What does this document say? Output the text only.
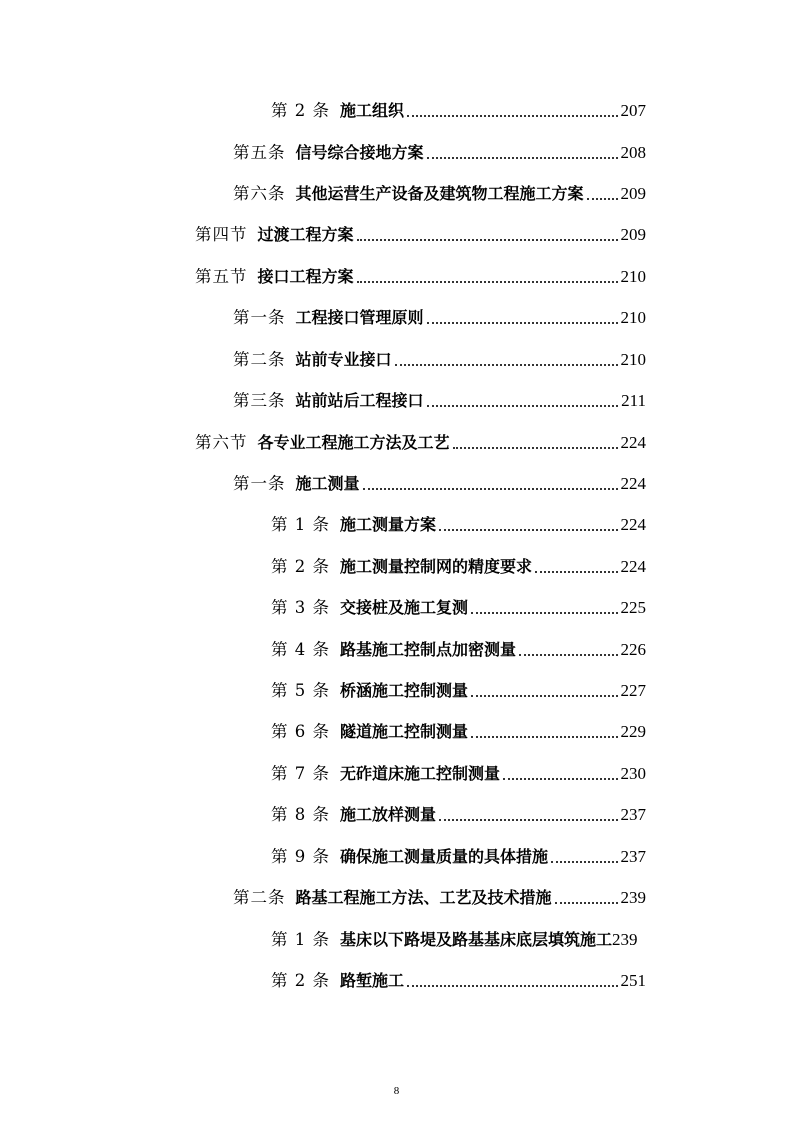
第 2 条 施工组织	207
第五条 信号综合接地方案	208
第六条 其他运营生产设备及建筑物工程施工方案 209
第四节 过渡工程方案	209
第五节 接口工程方案	210
第一条 工程接口管理原则	210
第二条 站前专业接口	210
第三条 站前站后工程接口	211
第六节 各专业工程施工方法及工艺	224
第一条 施工测量	224
第 1 条 施工测量方案	224
第 2 条 施工测量控制网的精度要求	224
第 3 条 交接桩及施工复测	225
第 4 条 路基施工控制点加密测量	226
第 5 条 桥涵施工控制测量	227
第 6 条 隧道施工控制测量	229
第 7 条 无砟道床施工控制测量	230
第 8 条 施工放样测量	237
第 9 条 确保施工测量质量的具体措施	237
第二条 路基工程施工方法、工艺及技术措施	239
第 1 条 基床以下路堤及路基基床底层填筑施工 239
第 2 条 路堑施工	251
8
